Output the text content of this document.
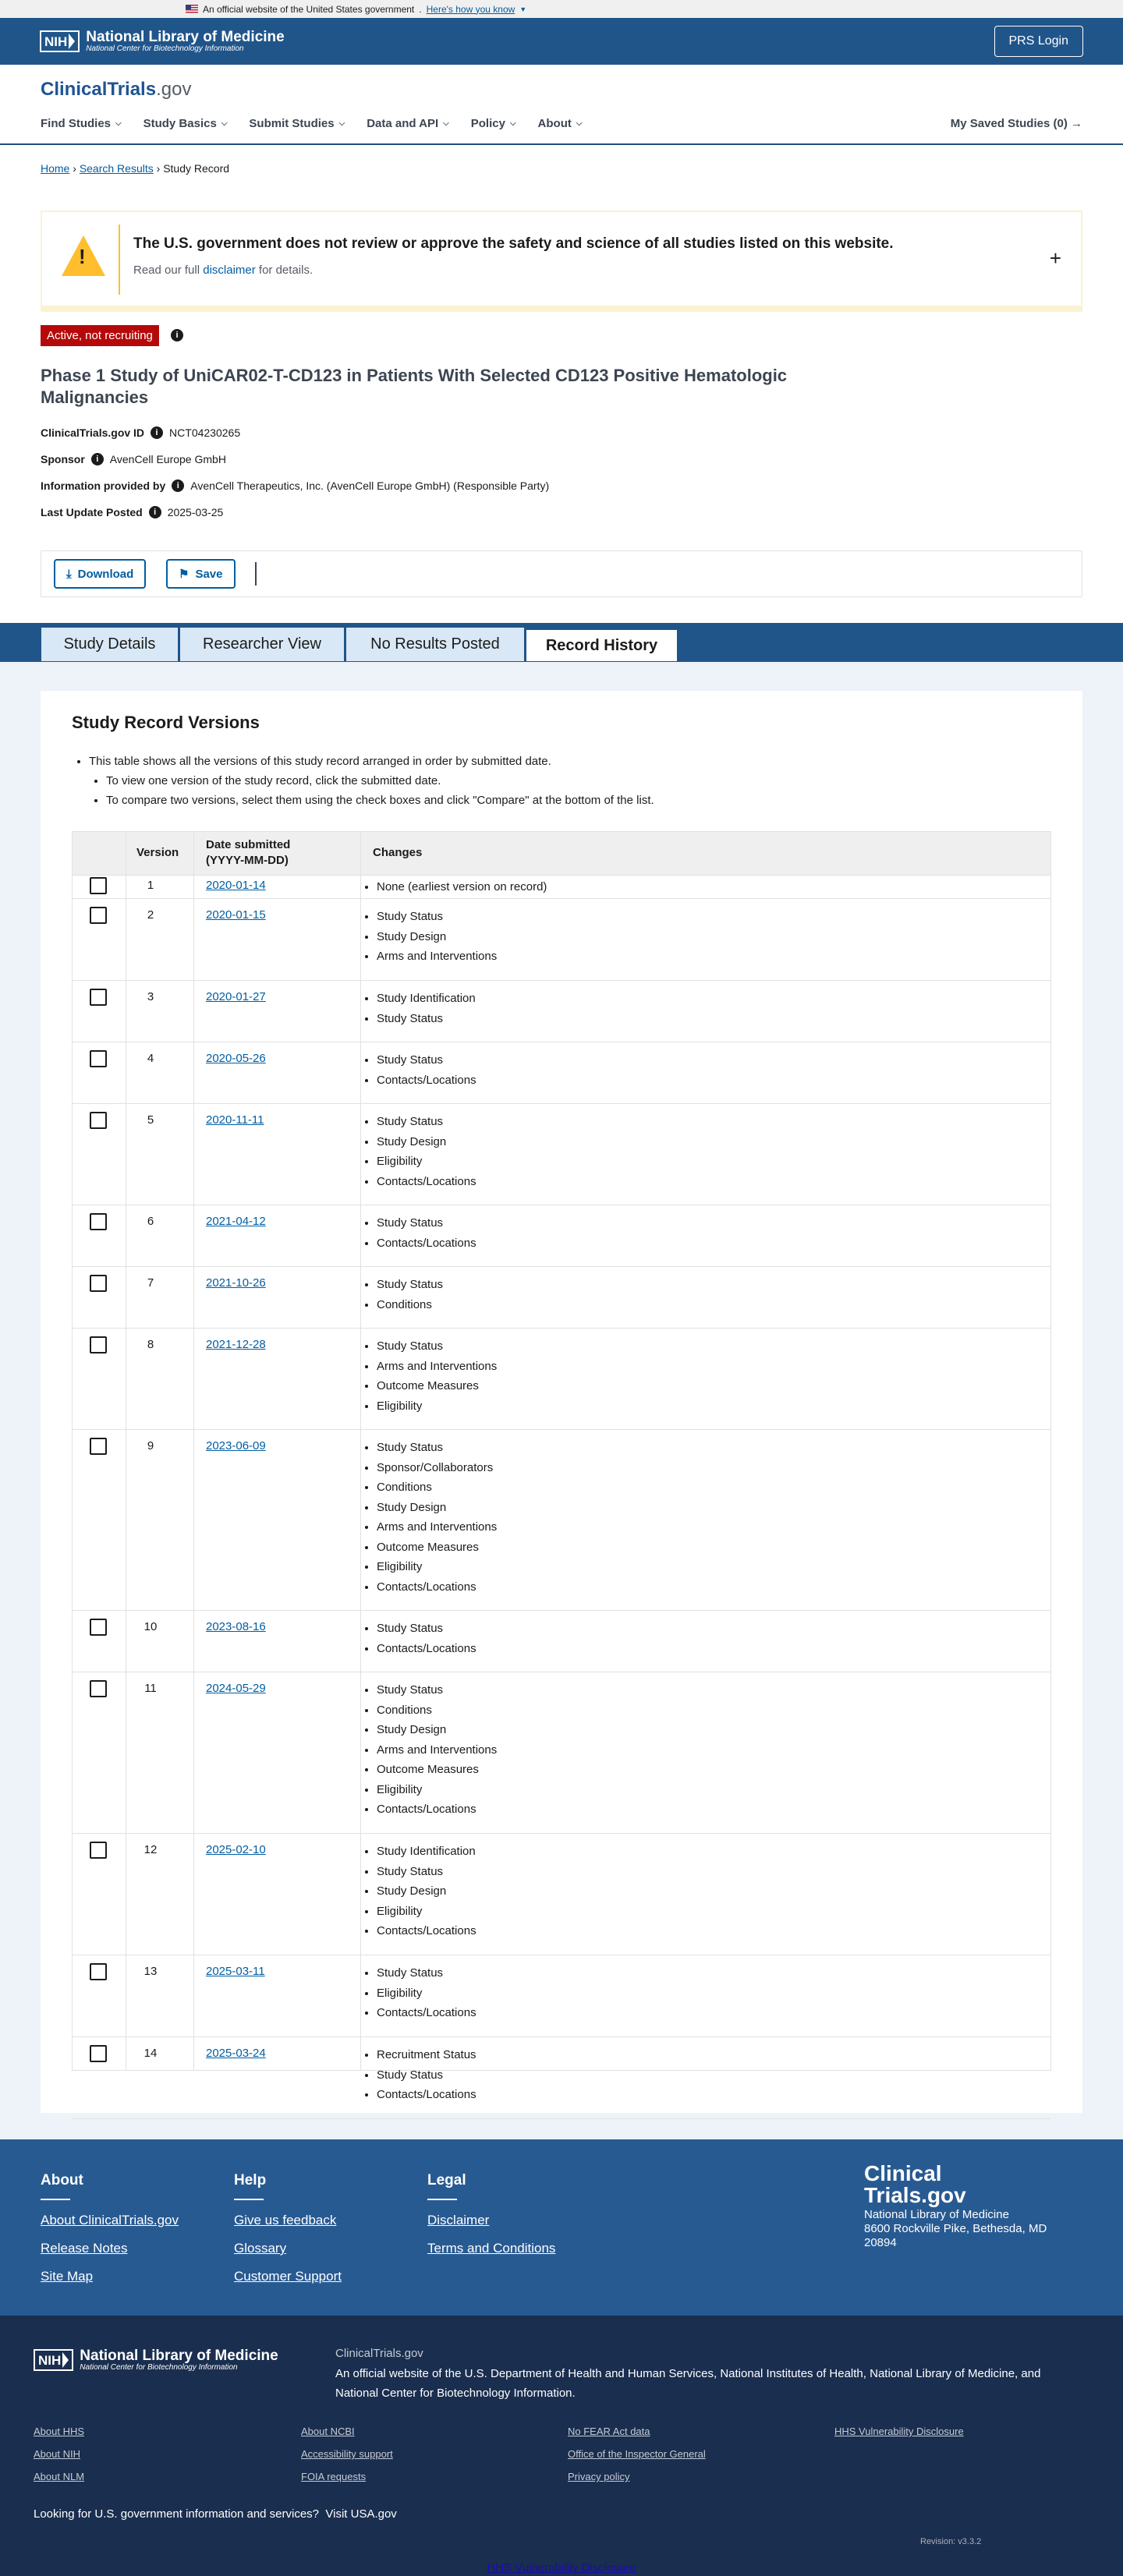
An official website of the United States government . Here's how you know ▼
NIH	National Library of Medicine
National Center for Biotechnology Information
PRS Login
ClinicalTrials.gov
Find Studies ⌵ Study Basics ⌵ Submit Studies ⌵ Data and API ⌵ Policy ⌵ About ⌵	My Saved Studies (0) →
Home › Search Results › Study Record
!
The U.S. government does not review or approve the safety and science of all studies listed on this website.
Read our full disclaimer for details.
+
Active, not recruiting	i
Phase 1 Study of UniCAR02-T-CD123 in Patients With Selected CD123 Positive Hematologic Malignancies
ClinicalTrials.gov ID	i	NCT04230265
Sponsor	i	AvenCell Europe GmbH
Information provided by	i	AvenCell Therapeutics, Inc. (AvenCell Europe GmbH) (Responsible Party)
Last Update Posted	i	2025-03-25
⤓ Download	⚑ Save
Study Details	Researcher View	No Results Posted	Record History
Study Record Versions
• This table shows all the versions of this study record arranged in order by submitted date.
• To view one version of the study record, click the submitted date.
• To compare two versions, select them using the check boxes and click "Compare" at the bottom of the list.
Version
Date submitted
(YYYY-MM-DD)
Changes
1	2020-01-14	• None (earliest version on record)
2	2020-01-15	• Study Status
• Study Design
• Arms and Interventions
3	2020-01-27	• Study Identification
• Study Status
4	2020-05-26	• Study Status
• Contacts/Locations
5	2020-11-11	• Study Status
• Study Design
• Eligibility
• Contacts/Locations
6	2021-04-12	• Study Status
• Contacts/Locations
7	2021-10-26	• Study Status
• Conditions
8	2021-12-28	• Study Status
• Arms and Interventions
• Outcome Measures
• Eligibility
9	2023-06-09	• Study Status
• Sponsor/Collaborators
• Conditions
• Study Design
• Arms and Interventions
• Outcome Measures
• Eligibility
• Contacts/Locations
10	2023-08-16	• Study Status
• Contacts/Locations
11	2024-05-29	• Study Status
• Conditions
• Study Design
• Arms and Interventions
• Outcome Measures
• Eligibility
• Contacts/Locations
12	2025-02-10	• Study Identification
• Study Status
• Study Design
• Eligibility
• Contacts/Locations
13	2025-03-11	• Study Status
• Eligibility
• Contacts/Locations
14	2025-03-24	• Recruitment Status
• Study Status
• Contacts/Locations
About
About ClinicalTrials.gov
Release Notes
Site Map
Help
Give us feedback
Glossary
Customer Support
Legal
Disclaimer
Terms and Conditions
Clinical
Trials.gov
National Library of Medicine
8600 Rockville Pike, Bethesda, MD
20894
NIH	National Library of Medicine
National Center for Biotechnology Information
ClinicalTrials.gov
An official website of the U.S. Department of Health and Human Services, National Institutes of Health, National Library of Medicine, and National Center for Biotechnology Information.
About HHS
About NIH
About NLM
About NCBI
Accessibility support
FOIA requests
No FEAR Act data
Office of the Inspector General
Privacy policy
HHS Vulnerability Disclosure
Looking for U.S. government information and services? Visit USA.gov
Revision: v3.3.2
HHS Vulnerability Disclosure
